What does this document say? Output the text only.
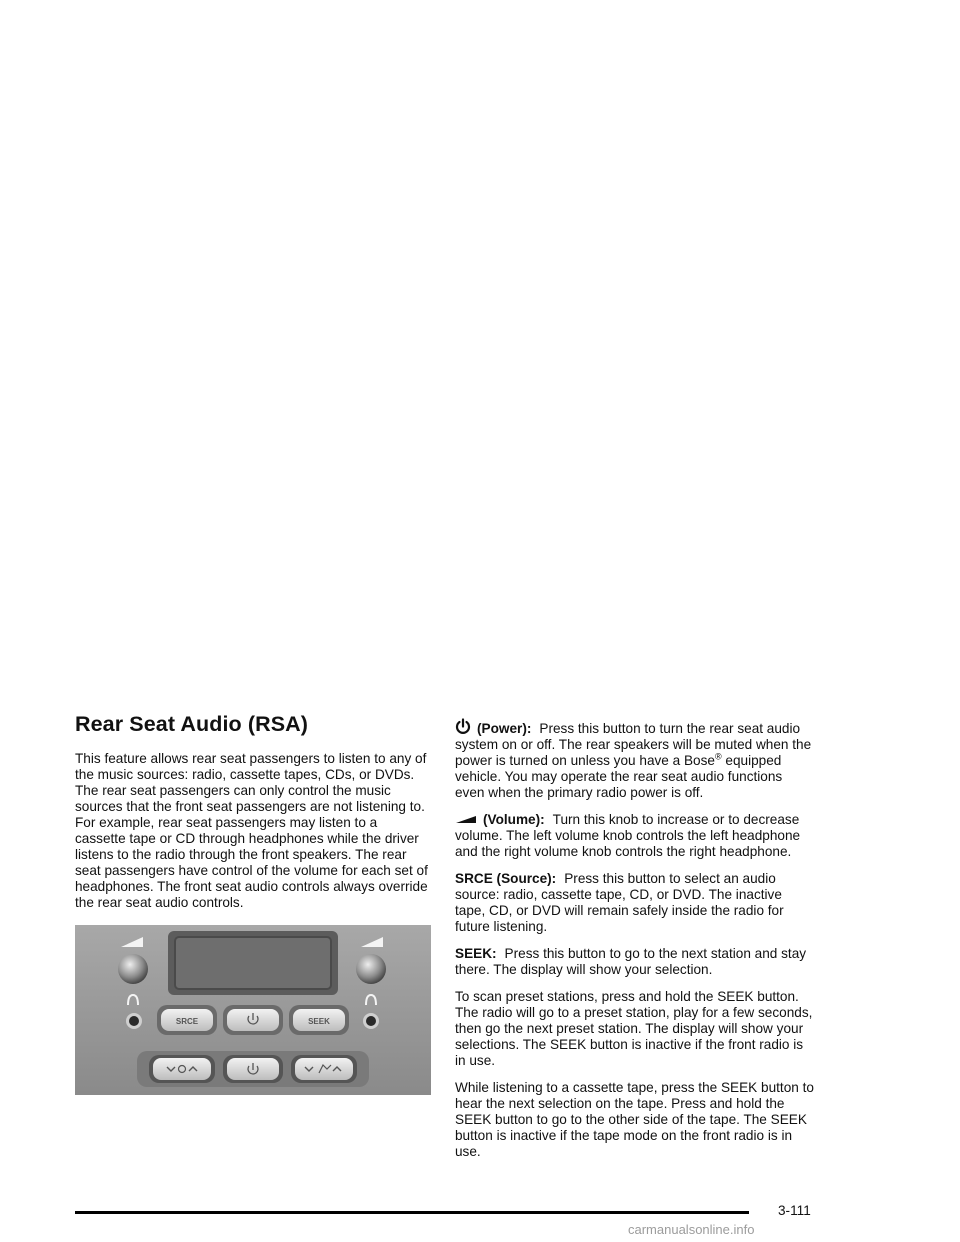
Rear Seat Audio (RSA)

This feature allows rear seat passengers to listen to any of the music sources: radio, cassette tapes, CDs, or DVDs. The rear seat passengers can only control the music sources that the front seat passengers are not listening to. For example, rear seat passengers may listen to a cassette tape or CD through headphones while the driver listens to the radio through the front speakers. The rear seat passengers have control of the volume for each set of headphones. The front seat audio controls always override the rear seat audio controls.

SRCE	SEEK

(Power): Press this button to turn the rear seat audio system on or off. The rear speakers will be muted when the power is turned on unless you have a Bose® equipped vehicle. You may operate the rear seat audio functions even when the primary radio power is off.

(Volume): Turn this knob to increase or to decrease volume. The left volume knob controls the left headphone and the right volume knob controls the right headphone.

SRCE (Source): Press this button to select an audio source: radio, cassette tape, CD, or DVD. The inactive tape, CD, or DVD will remain safely inside the radio for future listening.

SEEK: Press this button to go to the next station and stay there. The display will show your selection.

To scan preset stations, press and hold the SEEK button. The radio will go to a preset station, play for a few seconds, then go the next preset station. The display will show your selections. The SEEK button is inactive if the front radio is in use.

While listening to a cassette tape, press the SEEK button to hear the next selection on the tape. Press and hold the SEEK button to go to the other side of the tape. The SEEK button is inactive if the tape mode on the front radio is in use.

3-111
carmanualsonline.info
